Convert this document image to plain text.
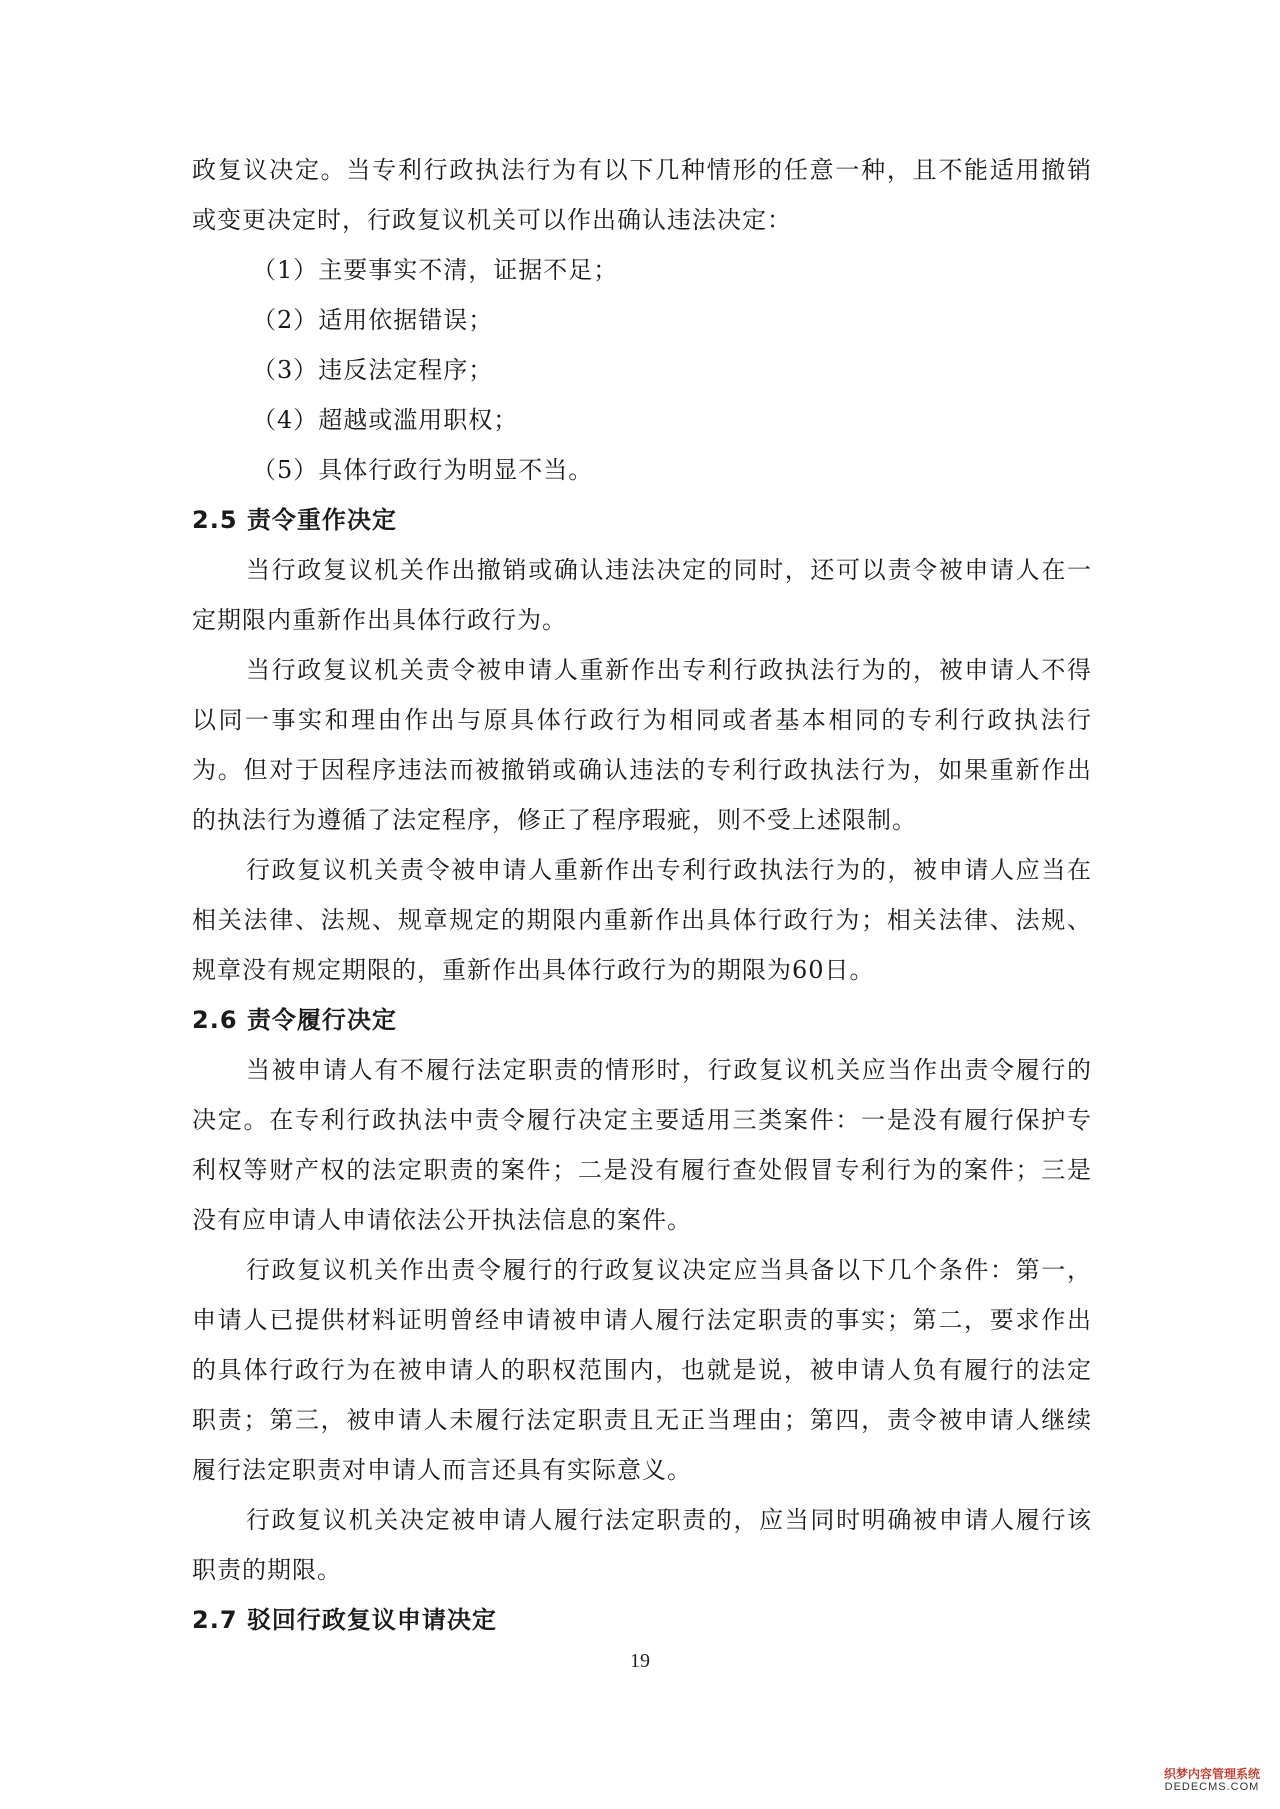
政复议决定。当专利行政执法行为有以下几种情形的任意一种，且不能适用撤销
或变更决定时，行政复议机关可以作出确认违法决定：
（1）主要事实不清，证据不足；
（2）适用依据错误；
（3）违反法定程序；
（4）超越或滥用职权；
（5）具体行政行为明显不当。
2.5 责令重作决定
当行政复议机关作出撤销或确认违法决定的同时，还可以责令被申请人在一
定期限内重新作出具体行政行为。
当行政复议机关责令被申请人重新作出专利行政执法行为的，被申请人不得
以同一事实和理由作出与原具体行政行为相同或者基本相同的专利行政执法行
为。但对于因程序违法而被撤销或确认违法的专利行政执法行为，如果重新作出
的执法行为遵循了法定程序，修正了程序瑕疵，则不受上述限制。
行政复议机关责令被申请人重新作出专利行政执法行为的，被申请人应当在
相关法律、法规、规章规定的期限内重新作出具体行政行为；相关法律、法规、
规章没有规定期限的，重新作出具体行政行为的期限为60日。
2.6 责令履行决定
当被申请人有不履行法定职责的情形时，行政复议机关应当作出责令履行的
决定。在专利行政执法中责令履行决定主要适用三类案件：一是没有履行保护专
利权等财产权的法定职责的案件；二是没有履行查处假冒专利行为的案件；三是
没有应申请人申请依法公开执法信息的案件。
行政复议机关作出责令履行的行政复议决定应当具备以下几个条件：第一，
申请人已提供材料证明曾经申请被申请人履行法定职责的事实；第二，要求作出
的具体行政行为在被申请人的职权范围内，也就是说，被申请人负有履行的法定
职责；第三，被申请人未履行法定职责且无正当理由；第四，责令被申请人继续
履行法定职责对申请人而言还具有实际意义。
行政复议机关决定被申请人履行法定职责的，应当同时明确被申请人履行该
职责的期限。
2.7 驳回行政复议申请决定
19
织梦内容管理系统
DEDECMS.COM
